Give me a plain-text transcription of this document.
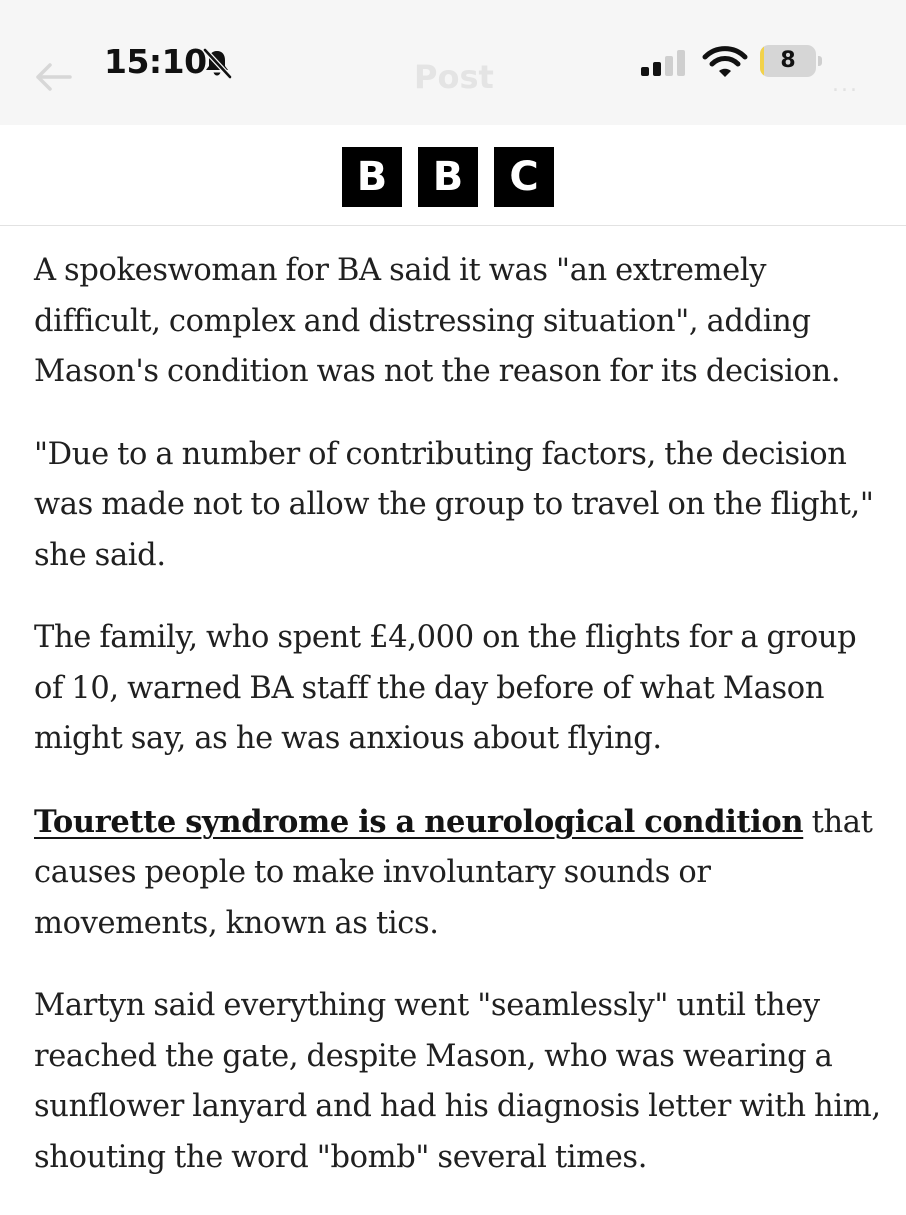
15:10	Post	8
...
B	B	C

A spokeswoman for BA said it was "an extremely difficult, complex and distressing situation", adding Mason's condition was not the reason for its decision.

"Due to a number of contributing factors, the decision was made not to allow the group to travel on the flight," she said.

The family, who spent £4,000 on the flights for a group of 10, warned BA staff the day before of what Mason might say, as he was anxious about flying.

Tourette syndrome is a neurological condition that causes people to make involuntary sounds or movements, known as tics.

Martyn said everything went "seamlessly" until they reached the gate, despite Mason, who was wearing a sunflower lanyard and had his diagnosis letter with him, shouting the word "bomb" several times.
